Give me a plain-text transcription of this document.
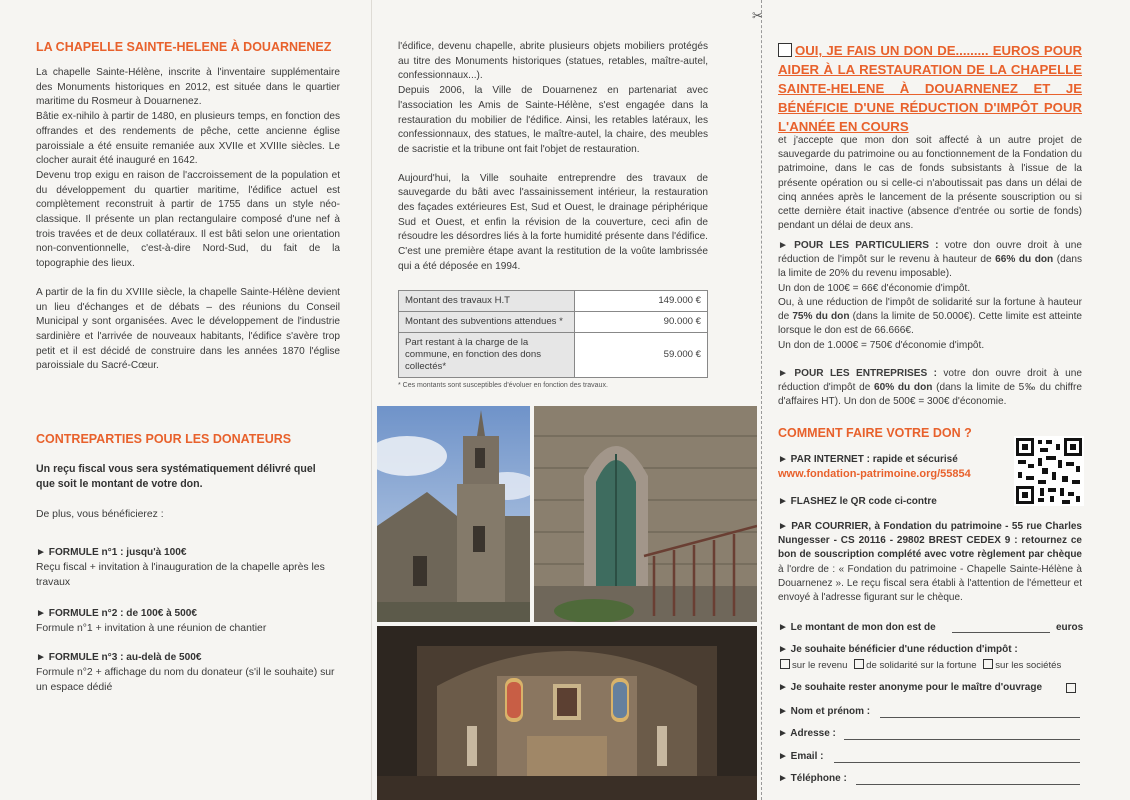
✂
LA CHAPELLE SAINTE-HELENE À DOUARNENEZ

La chapelle Sainte-Hélène, inscrite à l'inventaire supplémentaire des Monuments historiques en 2012, est située dans le quartier maritime du Rosmeur à Douarnenez.

Bâtie ex-nihilo à partir de 1480, en plusieurs temps, en fonction des offrandes et des rendements de pêche, cette ancienne église paroissiale a été ensuite remaniée aux XVIIe et XVIIIe siècles. Le clocher aurait été inauguré en 1642.

Devenu trop exigu en raison de l'accroissement de la population et du développement du quartier maritime, l'édifice actuel est complètement reconstruit à partir de 1755 dans un style néo-classique. Il présente un plan rectangulaire composé d'une nef à trois travées et de deux collatéraux. Il est bâti selon une orientation non-conventionnelle, c'est-à-dire Nord-Sud, du fait de la topographie des lieux.

A partir de la fin du XVIIIe siècle, la chapelle Sainte-Hélène devient un lieu d'échanges et de débats – des réunions du Conseil Municipal y sont organisées. Avec le développement de l'industrie sardinière et l'arrivée de nouveaux habitants, l'édifice s'avère trop petit et il est décidé de construire dans les années 1870 l'église paroissiale du Sacré-Cœur.

CONTREPARTIES POUR LES DONATEURS

Un reçu fiscal vous sera systématiquement délivré quel que soit le montant de votre don.

De plus, vous bénéficierez :

► FORMULE n°1 : jusqu'à 100€

Reçu fiscal + invitation à l'inauguration de la chapelle après les travaux

► FORMULE n°2 : de 100€ à 500€

Formule n°1 + invitation à une réunion de chantier

► FORMULE n°3 : au-delà de 500€

Formule n°2 + affichage du nom du donateur (s'il le souhaite) sur un espace dédié

l'édifice, devenu chapelle, abrite plusieurs objets mobiliers protégés au titre des Monuments historiques (statues, retables, maître-autel, confessionnaux...).

Depuis 2006, la Ville de Douarnenez en partenariat avec l'association les Amis de Sainte-Hélène, s'est engagée dans la restauration du mobilier de l'édifice. Ainsi, les retables latéraux, les confessionnaux, des statues, le maître-autel, la chaire, des meubles de sacristie et la tribune ont fait l'objet de restauration.

Aujourd'hui, la Ville souhaite entreprendre des travaux de sauvegarde du bâti avec l'assainissement intérieur, la restauration des façades extérieures Est, Sud et Ouest, le drainage périphérique Sud et Ouest, et enfin la révision de la couverture, ceci afin de résoudre les désordres liés à la forte humidité présente dans l'édifice. C'est une première étape avant la restitution de la voûte lambrissée qui a été déposée en 1994.

Montant des travaux H.T	149.000 €
Montant des subventions attendues *	90.000 €
Part restant à la charge de la commune, en fonction des dons collectés*	59.000 €
* Ces montants sont susceptibles d'évoluer en fonction des travaux.
OUI, JE FAIS UN DON DE......... EUROS POUR AIDER À LA RESTAURATION DE LA CHAPELLE SAINTE-HELENE À DOUARNENEZ ET JE BÉNÉFICIE D'UNE RÉDUCTION D'IMPÔT POUR L'ANNÉE EN COURS

et j'accepte que mon don soit affecté à un autre projet de sauvegarde du patrimoine ou au fonctionnement de la Fondation du patrimoine, dans le cas de fonds subsistants à l'issue de la présente opération ou si celle-ci n'aboutissait pas dans un délai de cinq années après le lancement de la présente souscription ou si cette dernière était inactive (absence d'entrée ou sortie de fonds) pendant un délai de deux ans.

► POUR LES PARTICULIERS : votre don ouvre droit à une réduction de l'impôt sur le revenu à hauteur de 66% du don (dans la limite de 20% du revenu imposable).

Un don de 100€ = 66€ d'économie d'impôt.

Ou, à une réduction de l'impôt de solidarité sur la fortune à hauteur de 75% du don (dans la limite de 50.000€). Cette limite est atteinte lorsque le don est de 66.666€.

Un don de 1.000€ = 750€ d'économie d'impôt.

► POUR LES ENTREPRISES : votre don ouvre droit à une réduction d'impôt de 60% du don (dans la limite de 5‰ du chiffre d'affaires HT). Un don de 500€ = 300€ d'économie.

COMMENT FAIRE VOTRE DON ?

► PAR INTERNET : rapide et sécurisé

www.fondation-patrimoine.org/55854

► FLASHEZ le QR code ci-contre

► PAR COURRIER, à Fondation du patrimoine - 55 rue Charles Nungesser - CS 20116 - 29802 BREST CEDEX 9 : retournez ce bon de souscription complété avec votre règlement par chèque à l'ordre de : « Fondation du patrimoine - Chapelle Sainte-Hélène à Douarnenez ». Le reçu fiscal sera établi à l'attention de l'émetteur et envoyé à l'adresse figurant sur le chèque.

► Le montant de mon don est de	euros
► Je souhaite bénéficier d'une réduction d'impôt :
sur le revenu de solidarité sur la fortune sur les sociétés
► Je souhaite rester anonyme pour le maître d'ouvrage
► Nom et prénom :
► Adresse :
► Email :
► Téléphone :
